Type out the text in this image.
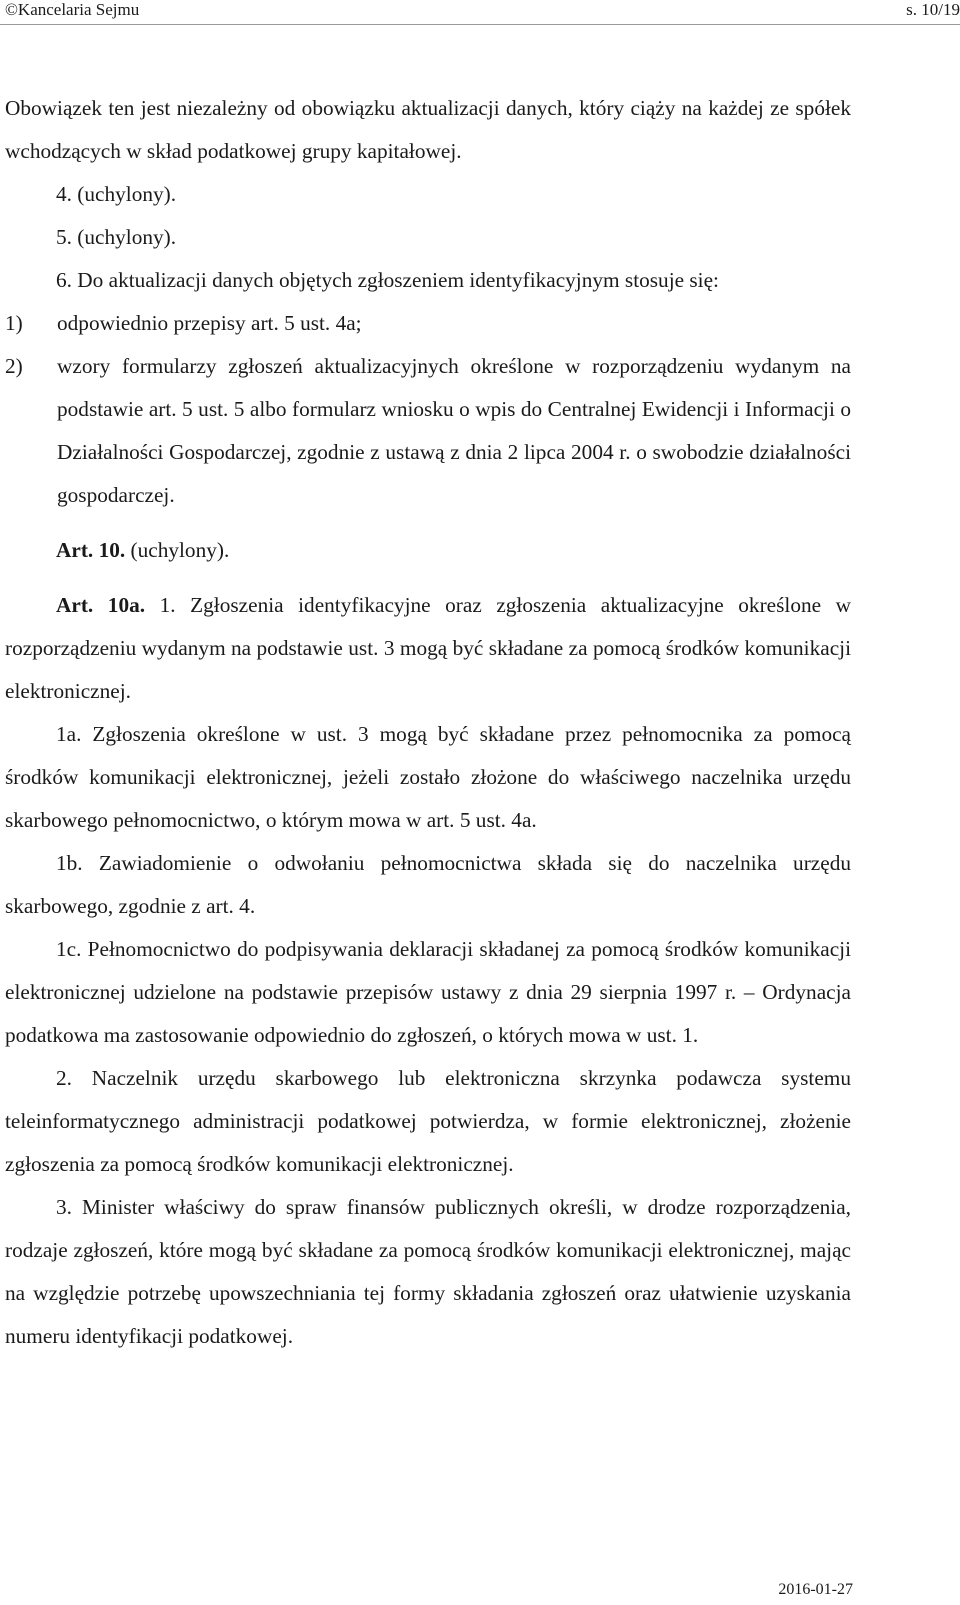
©Kancelaria Sejmu	s. 10/19

Obowiązek ten jest niezależny od obowiązku aktualizacji danych, który ciąży na każdej ze spółek wchodzących w skład podatkowej grupy kapitałowej.

4. (uchylony).

5. (uchylony).

6. Do aktualizacji danych objętych zgłoszeniem identyfikacyjnym stosuje się:

1)	odpowiednio przepisy art. 5 ust. 4a;
2)	wzory formularzy zgłoszeń aktualizacyjnych określone w rozporządzeniu wydanym na podstawie art. 5 ust. 5 albo formularz wniosku o wpis do Centralnej Ewidencji i Informacji o Działalności Gospodarczej, zgodnie z ustawą z dnia 2 lipca 2004 r. o swobodzie działalności gospodarczej.

Art. 10. (uchylony).

Art. 10a. 1. Zgłoszenia identyfikacyjne oraz zgłoszenia aktualizacyjne określone w rozporządzeniu wydanym na podstawie ust. 3 mogą być składane za pomocą środków komunikacji elektronicznej.

1a. Zgłoszenia określone w ust. 3 mogą być składane przez pełnomocnika za pomocą środków komunikacji elektronicznej, jeżeli zostało złożone do właściwego naczelnika urzędu skarbowego pełnomocnictwo, o którym mowa w art. 5 ust. 4a.

1b. Zawiadomienie o odwołaniu pełnomocnictwa składa się do naczelnika urzędu skarbowego, zgodnie z art. 4.

1c. Pełnomocnictwo do podpisywania deklaracji składanej za pomocą środków komunikacji elektronicznej udzielone na podstawie przepisów ustawy z dnia 29 sierpnia 1997 r. – Ordynacja podatkowa ma zastosowanie odpowiednio do zgłoszeń, o których mowa w ust. 1.

2. Naczelnik urzędu skarbowego lub elektroniczna skrzynka podawcza systemu teleinformatycznego administracji podatkowej potwierdza, w formie elektronicznej, złożenie zgłoszenia za pomocą środków komunikacji elektronicznej.

3. Minister właściwy do spraw finansów publicznych określi, w drodze rozporządzenia, rodzaje zgłoszeń, które mogą być składane za pomocą środków komunikacji elektronicznej, mając na względzie potrzebę upowszechniania tej formy składania zgłoszeń oraz ułatwienie uzyskania numeru identyfikacji podatkowej.

2016-01-27
